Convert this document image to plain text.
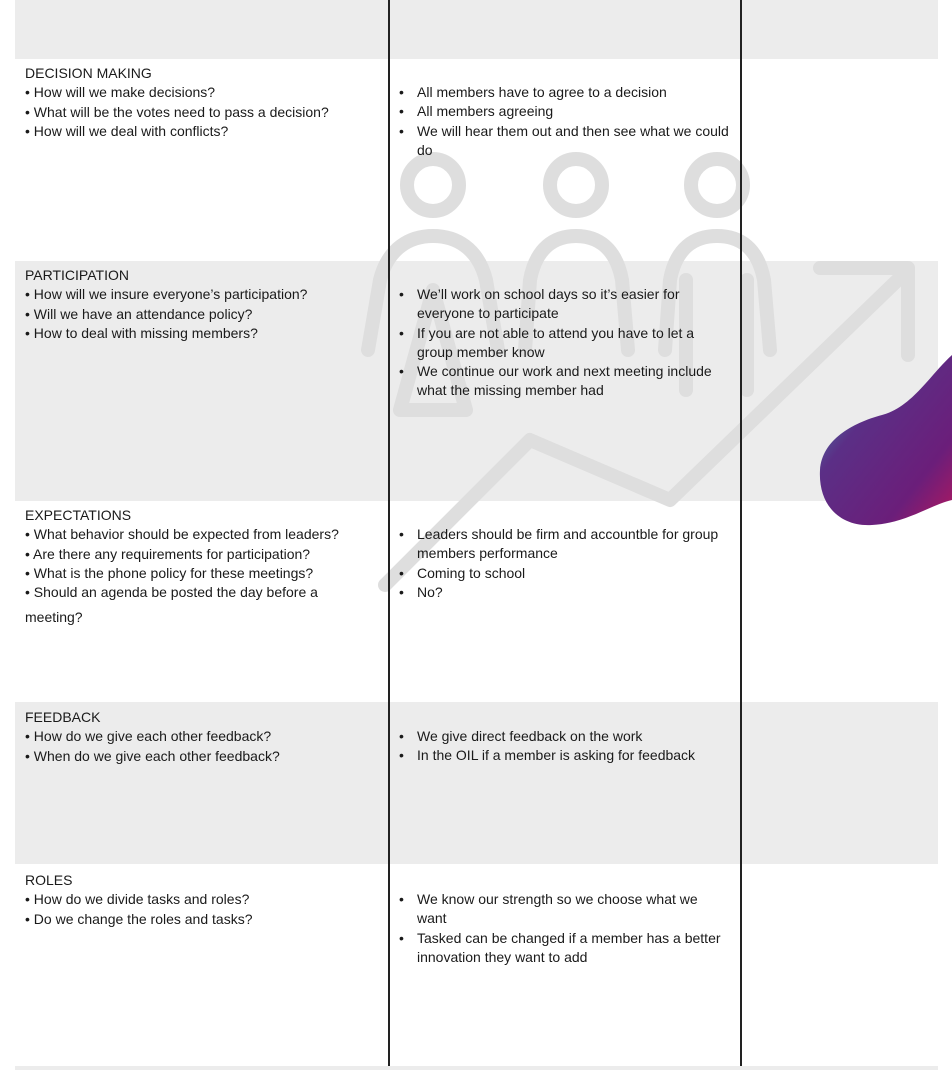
DECISION MAKING
• How will we make decisions?
• What will be the votes need to pass a decision?
• How will we deal with conflicts?
• All members have to agree to a decision
• All members agreeing
• We will hear them out and then see what we could do
PARTICIPATION
• How will we insure everyone’s participation?
• Will we have an attendance policy?
• How to deal with missing members?
• We’ll work on school days so it’s easier for everyone to participate
• If you are not able to attend you have to let a group member know
• We continue our work and next meeting include what the missing member had
EXPECTATIONS
• What behavior should be expected from leaders?
• Are there any requirements for participation?
• What is the phone policy for these meetings?
• Should an agenda be posted the day before a
meeting?
• Leaders should be firm and accountble for group members performance
• Coming to school
• No?
FEEDBACK
• How do we give each other feedback?
• When do we give each other feedback?
• We give direct feedback on the work
• In the OIL if a member is asking for feedback
ROLES
• How do we divide tasks and roles?
• Do we change the roles and tasks?
• We know our strength so we choose what we want
• Tasked can be changed if a member has a better innovation they want to add
